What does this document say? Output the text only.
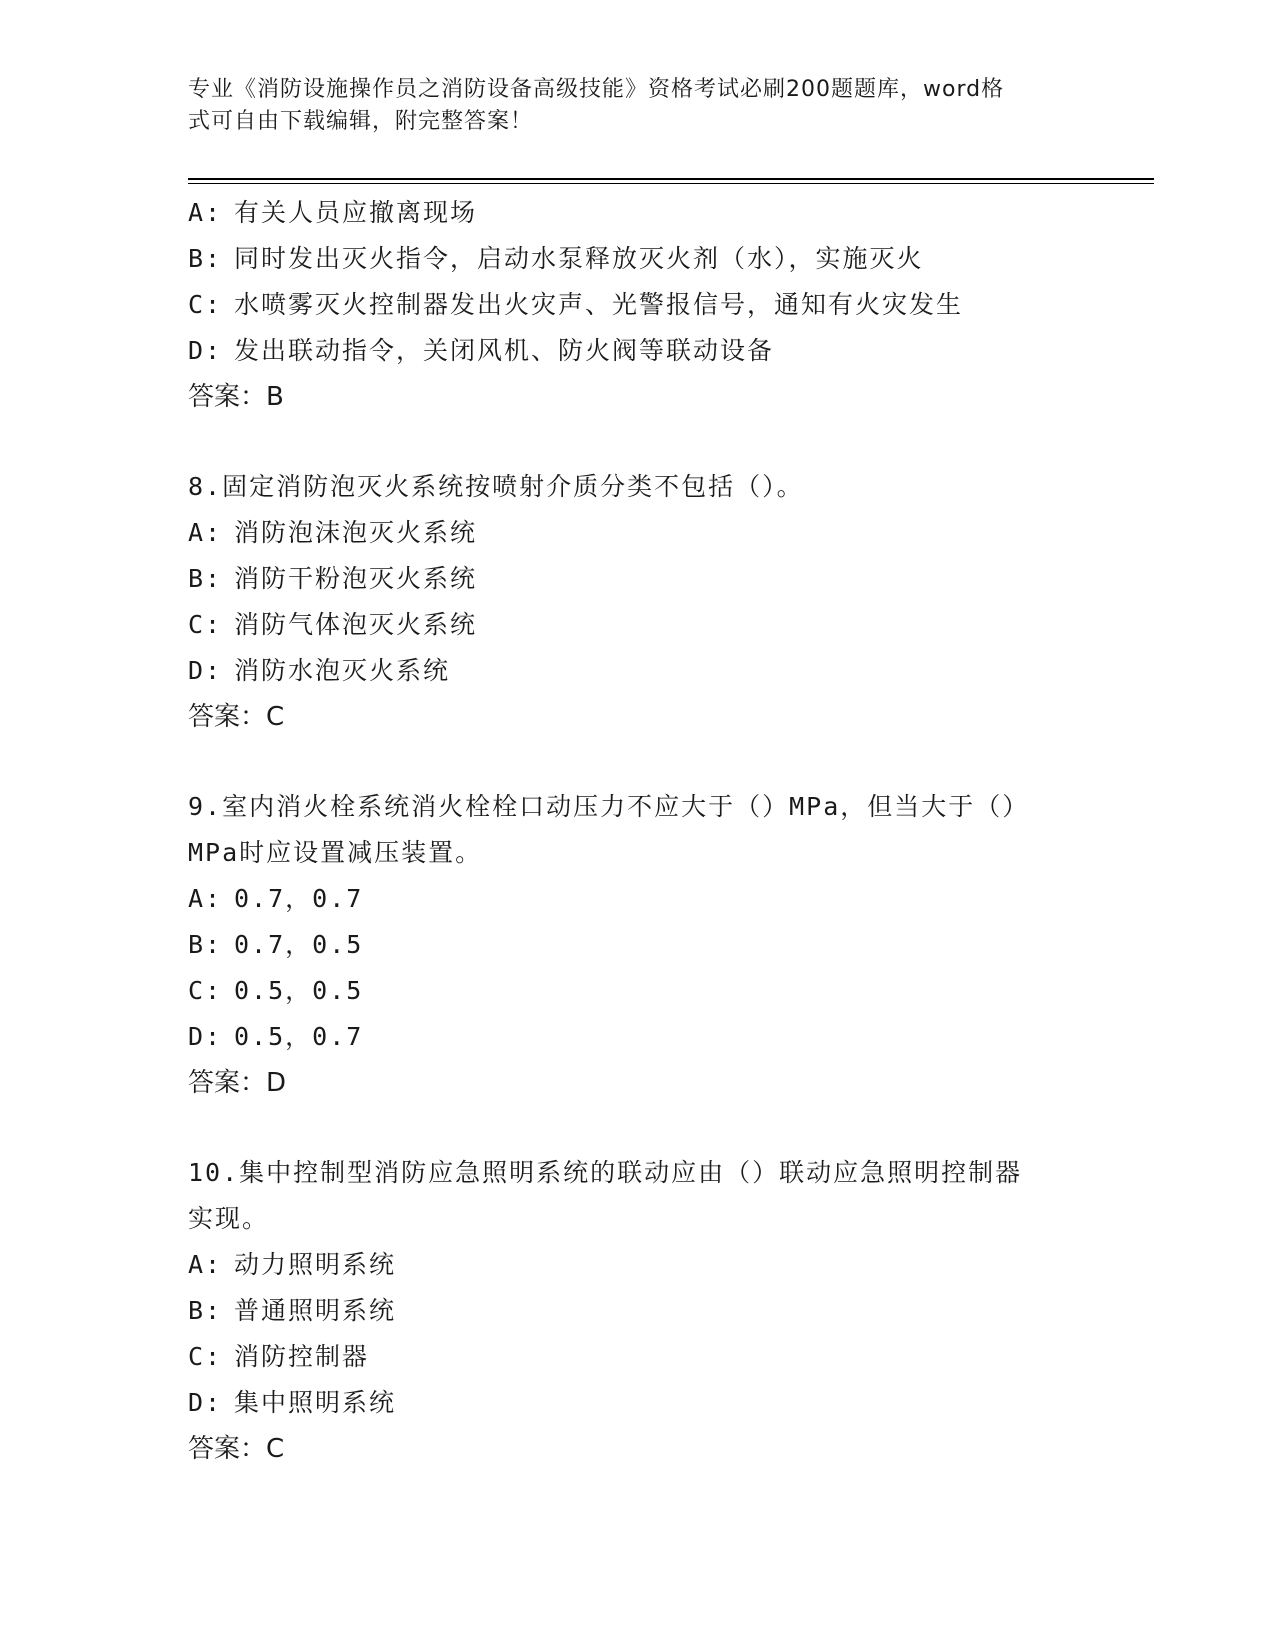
专业《消防设施操作员之消防设备高级技能》资格考试必刷200题题库，word格
式可自由下载编辑，附完整答案！
A: 有关人员应撤离现场
B: 同时发出灭火指令，启动水泵释放灭火剂（水），实施灭火
C: 水喷雾灭火控制器发出火灾声、光警报信号，通知有火灾发生
D: 发出联动指令，关闭风机、防火阀等联动设备
答案：B
8.固定消防泡灭火系统按喷射介质分类不包括（）。
A: 消防泡沫泡灭火系统
B: 消防干粉泡灭火系统
C: 消防气体泡灭火系统
D: 消防水泡灭火系统
答案：C
9.室内消火栓系统消火栓栓口动压力不应大于（）MPa，但当大于（）
MPa时应设置减压装置。
A: 0.7，0.7
B: 0.7，0.5
C: 0.5，0.5
D: 0.5，0.7
答案：D
10.集中控制型消防应急照明系统的联动应由（）联动应急照明控制器
实现。
A: 动力照明系统
B: 普通照明系统
C: 消防控制器
D: 集中照明系统
答案：C
